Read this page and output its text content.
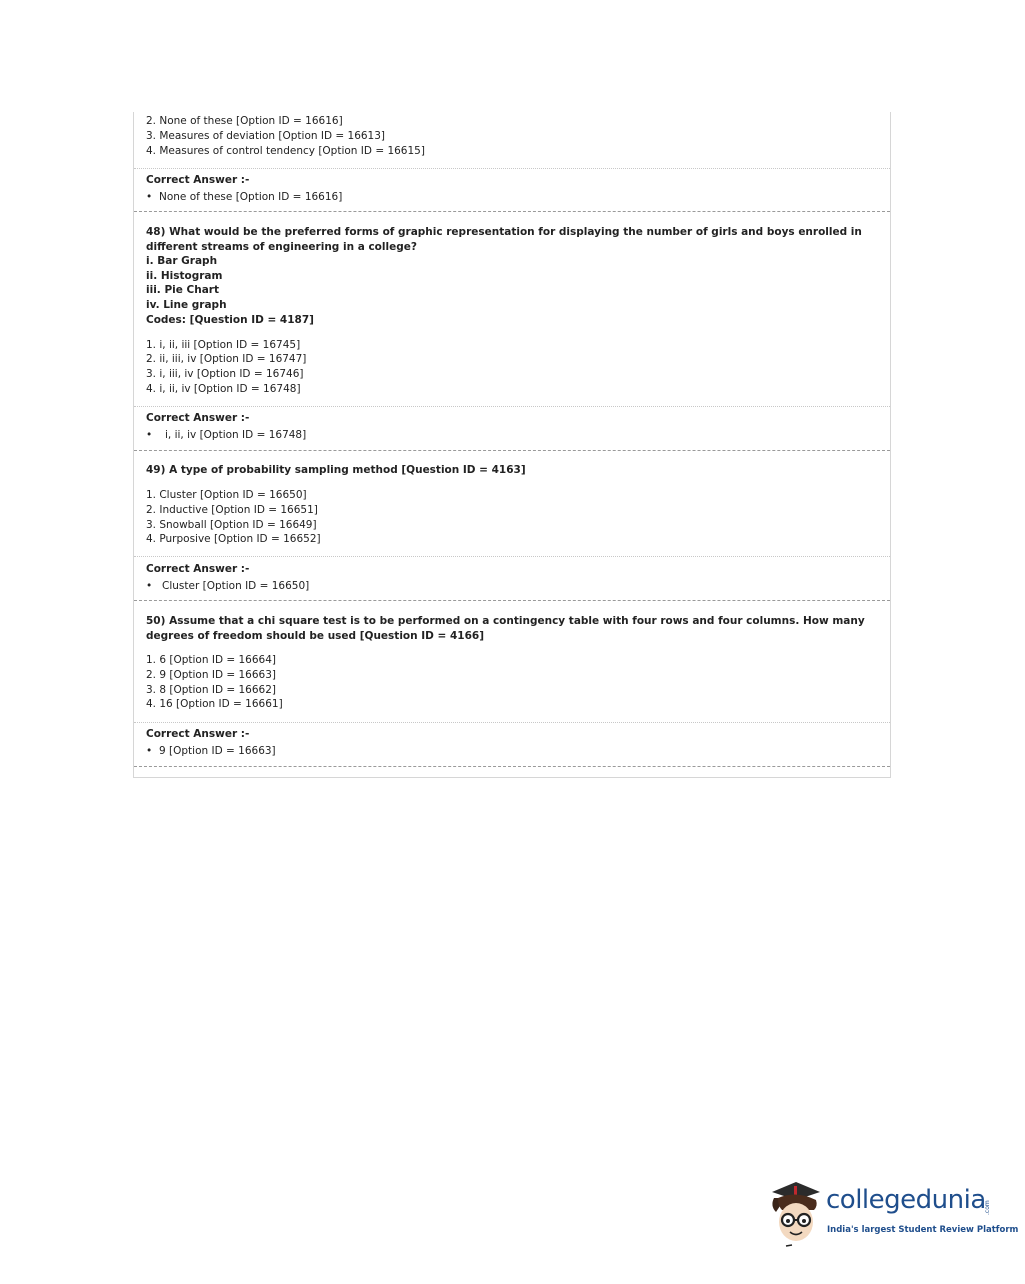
2. None of these [Option ID = 16616]
3. Measures of deviation [Option ID = 16613]
4. Measures of control tendency [Option ID = 16615]
Correct Answer :-
• None of these [Option ID = 16616]
48) What would be the preferred forms of graphic representation for displaying the number of girls and boys enrolled in different streams of engineering in a college?
i. Bar Graph
ii. Histogram
iii. Pie Chart
iv. Line graph
Codes: [Question ID = 4187]
1. i, ii, iii [Option ID = 16745]
2. ii, iii, iv [Option ID = 16747]
3. i, iii, iv [Option ID = 16746]
4. i, ii, iv [Option ID = 16748]
Correct Answer :-
• i, ii, iv [Option ID = 16748]
49) A type of probability sampling method [Question ID = 4163]
1. Cluster [Option ID = 16650]
2. Inductive [Option ID = 16651]
3. Snowball [Option ID = 16649]
4. Purposive [Option ID = 16652]
Correct Answer :-
• Cluster [Option ID = 16650]
50) Assume that a chi square test is to be performed on a contingency table with four rows and four columns. How many degrees of freedom should be used [Question ID = 4166]
1. 6 [Option ID = 16664]
2. 9 [Option ID = 16663]
3. 8 [Option ID = 16662]
4. 16 [Option ID = 16661]
Correct Answer :-
• 9 [Option ID = 16663]
collegedunia
.com
India's largest Student Review Platform
